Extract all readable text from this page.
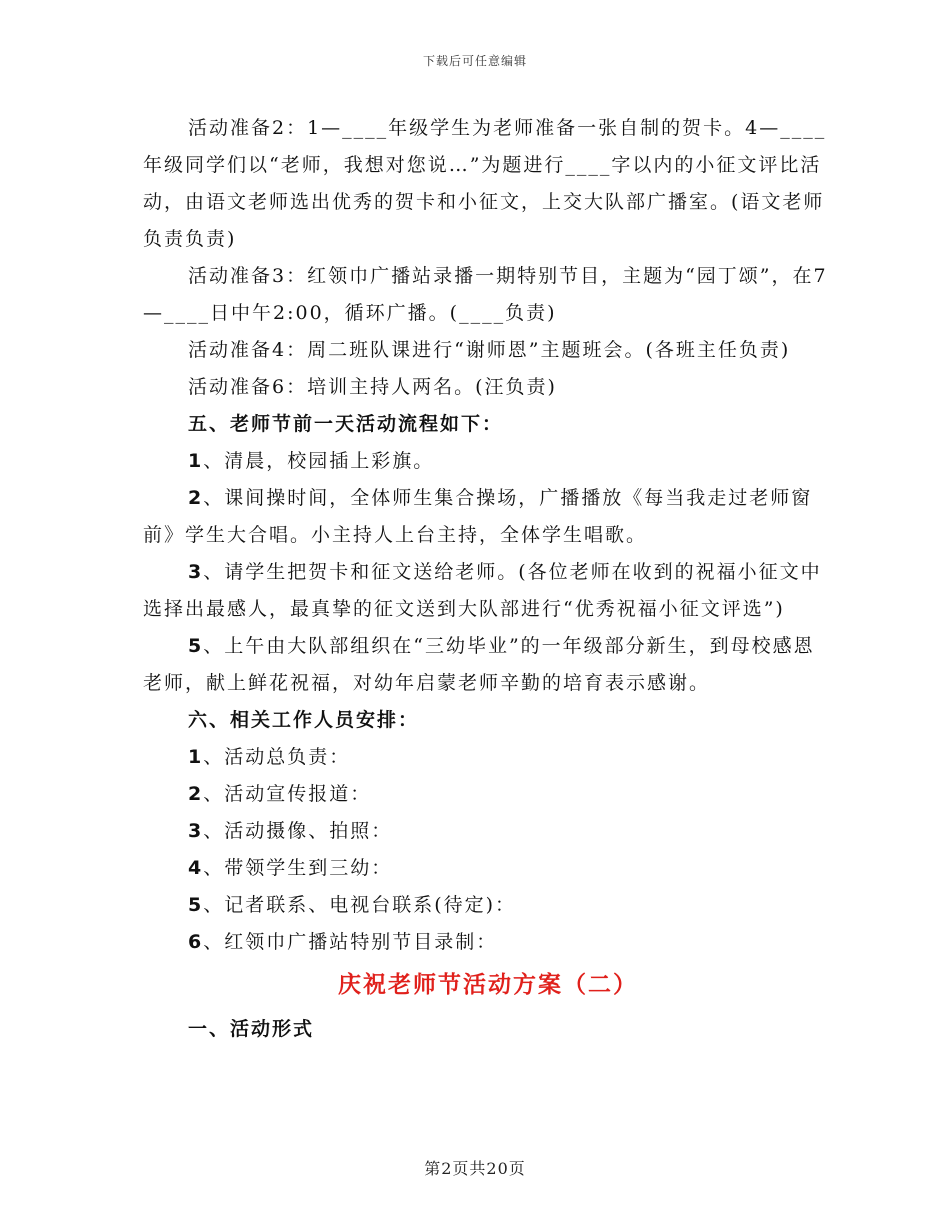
下载后可任意编辑

活动准备2：1—____年级学生为老师准备一张自制的贺卡。4—____年级同学们以“老师，我想对您说…”为题进行____字以内的小征文评比活动，由语文老师选出优秀的贺卡和小征文，上交大队部广播室。(语文老师负责负责)

活动准备3：红领巾广播站录播一期特别节目，主题为“园丁颂”，在7—____日中午2:00，循环广播。(____负责)

活动准备4：周二班队课进行“谢师恩”主题班会。(各班主任负责)

活动准备6：培训主持人两名。(汪负责)

五、老师节前一天活动流程如下：

1、清晨，校园插上彩旗。

2、课间操时间，全体师生集合操场，广播播放《每当我走过老师窗前》学生大合唱。小主持人上台主持，全体学生唱歌。

3、请学生把贺卡和征文送给老师。(各位老师在收到的祝福小征文中选择出最感人，最真挚的征文送到大队部进行“优秀祝福小征文评选”)

5、上午由大队部组织在“三幼毕业”的一年级部分新生，到母校感恩老师，献上鲜花祝福，对幼年启蒙老师辛勤的培育表示感谢。

六、相关工作人员安排：

1、活动总负责：

2、活动宣传报道：

3、活动摄像、拍照：

4、带领学生到三幼：

5、记者联系、电视台联系(待定)：

6、红领巾广播站特别节目录制：

庆祝老师节活动方案（二）

一、活动形式

第2页共20页
